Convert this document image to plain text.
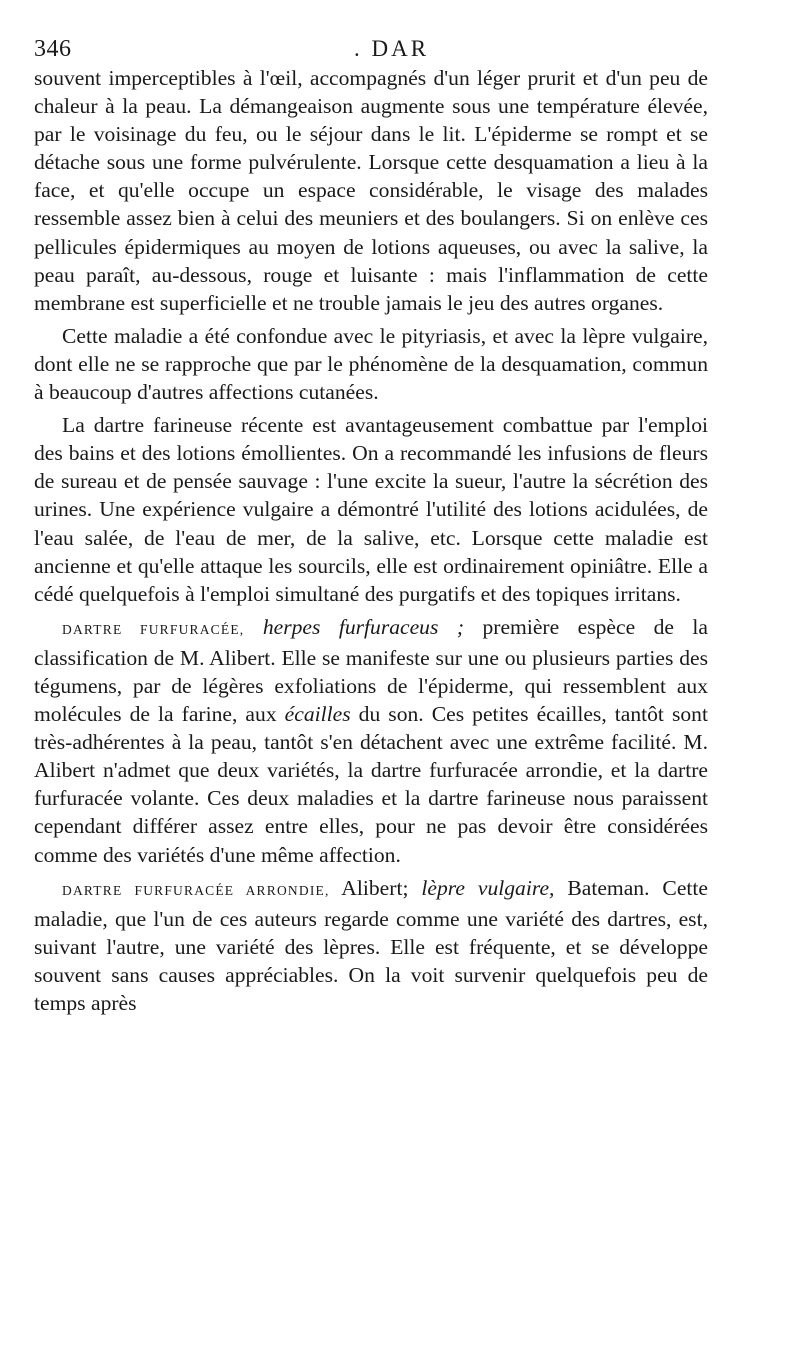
346	. DAR

souvent imperceptibles à l'œil, accompagnés d'un léger prurit et d'un peu de chaleur à la peau. La démangeaison augmente sous une température élevée, par le voisinage du feu, ou le séjour dans le lit. L'épiderme se rompt et se détache sous une forme pulvérulente. Lorsque cette desquamation a lieu à la face, et qu'elle occupe un espace considérable, le visage des malades ressemble assez bien à celui des meuniers et des boulangers. Si on enlève ces pellicules épidermiques au moyen de lotions aqueuses, ou avec la salive, la peau paraît, au-dessous, rouge et luisante : mais l'inflammation de cette membrane est superficielle et ne trouble jamais le jeu des autres organes.

Cette maladie a été confondue avec le pityriasis, et avec la lèpre vulgaire, dont elle ne se rapproche que par le phénomène de la desquamation, commun à beaucoup d'autres affections cutanées.

La dartre farineuse récente est avantageusement combattue par l'emploi des bains et des lotions émollientes. On a recommandé les infusions de fleurs de sureau et de pensée sauvage : l'une excite la sueur, l'autre la sécrétion des urines. Une expérience vulgaire a démontré l'utilité des lotions acidulées, de l'eau salée, de l'eau de mer, de la salive, etc. Lorsque cette maladie est ancienne et qu'elle attaque les sourcils, elle est ordinairement opiniâtre. Elle a cédé quelquefois à l'emploi simultané des purgatifs et des topiques irritans.

DARTRE FURFURACÉE, herpes furfuraceus ; première espèce de la classification de M. Alibert. Elle se manifeste sur une ou plusieurs parties des tégumens, par de légères exfoliations de l'épiderme, qui ressemblent aux molécules de la farine, aux écailles du son. Ces petites écailles, tantôt sont très-adhérentes à la peau, tantôt s'en détachent avec une extrême facilité. M. Alibert n'admet que deux variétés, la dartre furfuracée arrondie, et la dartre furfuracée volante. Ces deux maladies et la dartre farineuse nous paraissent cependant différer assez entre elles, pour ne pas devoir être considérées comme des variétés d'une même affection.

DARTRE FURFURACÉE ARRONDIE, Alibert; lèpre vulgaire, Bateman. Cette maladie, que l'un de ces auteurs regarde comme une variété des dartres, est, suivant l'autre, une variété des lèpres. Elle est fréquente, et se développe souvent sans causes appréciables. On la voit survenir quelquefois peu de temps après
